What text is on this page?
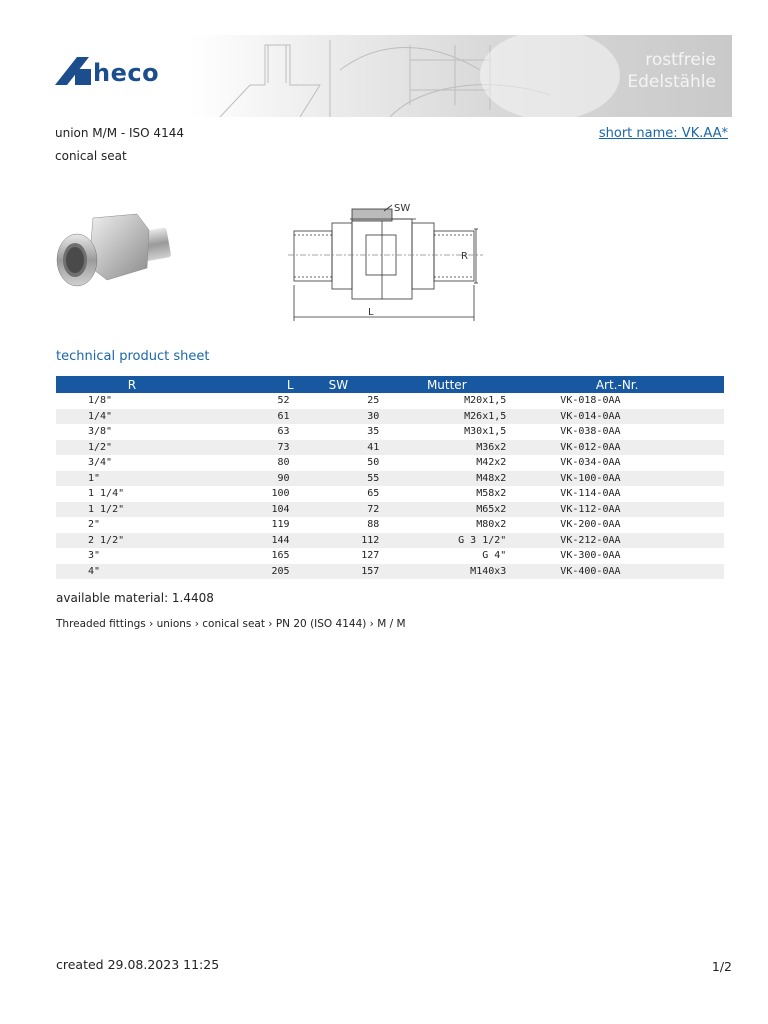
heco	rostfreie
Edelstähle
union M/M - ISO 4144
conical seat
short name: VK.AA*
SW
R
L
technical product sheet
R	L	SW	Mutter	Art.-Nr.
1/8"	52	25	M20x1,5	VK-018-0AA
1/4"	61	30	M26x1,5	VK-014-0AA
3/8"	63	35	M30x1,5	VK-038-0AA
1/2"	73	41	M36x2	VK-012-0AA
3/4"	80	50	M42x2	VK-034-0AA
1"	90	55	M48x2	VK-100-0AA
1 1/4"	100	65	M58x2	VK-114-0AA
1 1/2"	104	72	M65x2	VK-112-0AA
2"	119	88	M80x2	VK-200-0AA
2 1/2"	144	112	G 3 1/2"	VK-212-0AA
3"	165	127	G 4"	VK-300-0AA
4"	205	157	M140x3	VK-400-0AA
available material: 1.4408
Threaded fittings › unions › conical seat › PN 20 (ISO 4144) › M / M
created 29.08.2023 11:25	1/2
